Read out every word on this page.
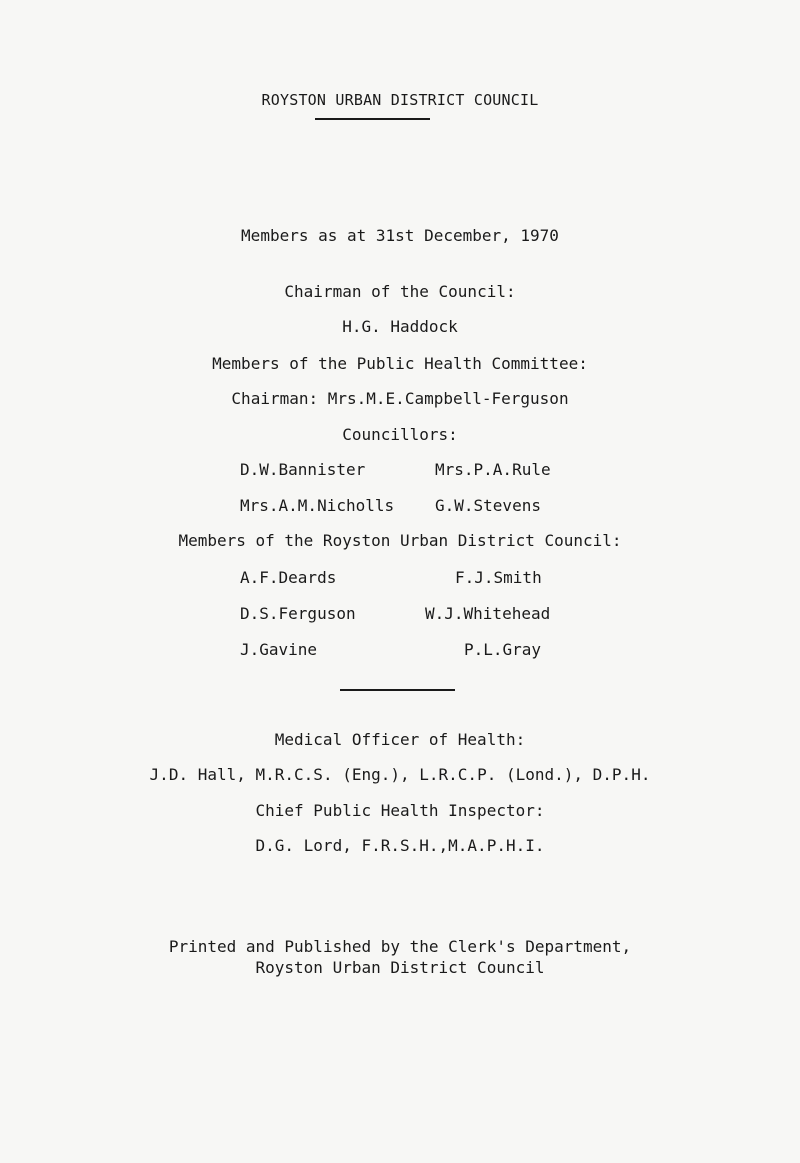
ROYSTON URBAN DISTRICT COUNCIL
Members as at 31st December, 1970
Chairman of the Council:
H.G. Haddock
Members of the Public Health Committee:
Chairman: Mrs.M.E.Campbell-Ferguson
Councillors:
D.W.Bannister	Mrs.P.A.Rule
Mrs.A.M.Nicholls	G.W.Stevens
Members of the Royston Urban District Council:
A.F.Deards	F.J.Smith
D.S.Ferguson	W.J.Whitehead
J.Gavine	P.L.Gray
Medical Officer of Health:
J.D. Hall, M.R.C.S. (Eng.), L.R.C.P. (Lond.), D.P.H.
Chief Public Health Inspector:
D.G. Lord, F.R.S.H.,M.A.P.H.I.
Printed and Published by the Clerk's Department,
Royston Urban District Council
